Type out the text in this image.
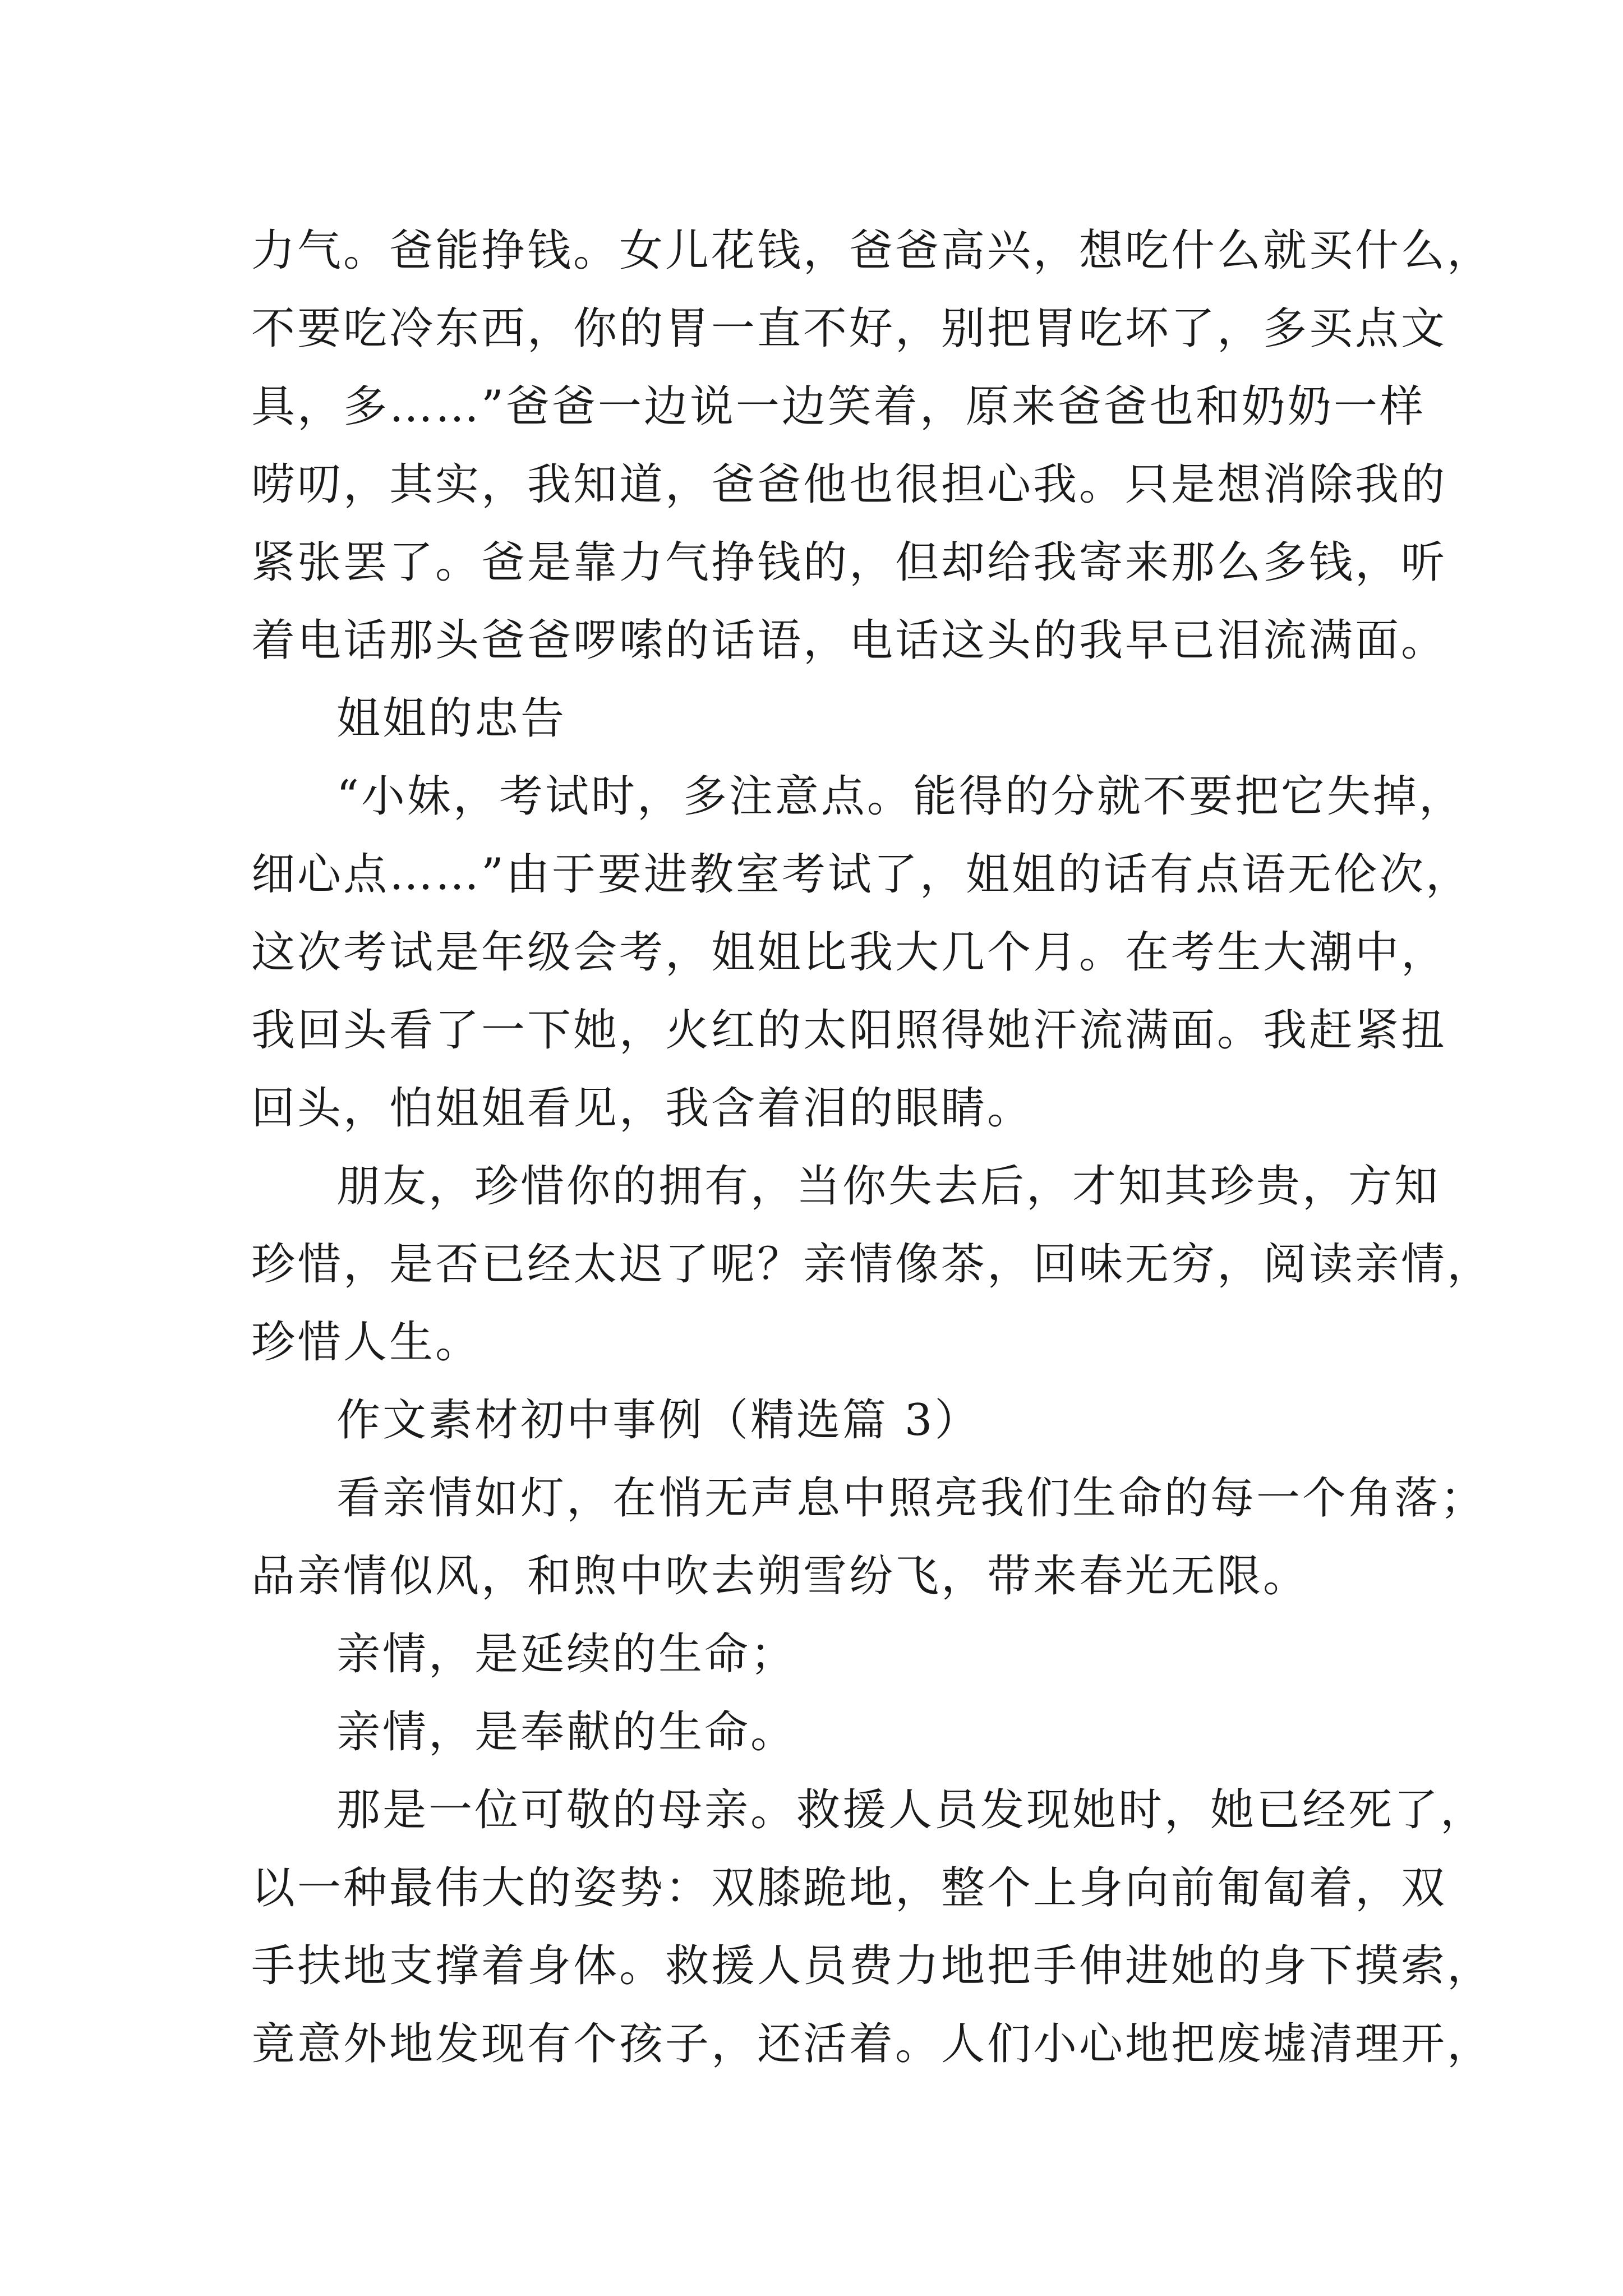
力气。爸能挣钱。女儿花钱，爸爸高兴，想吃什么就买什么，
不要吃冷东西，你的胃一直不好，别把胃吃坏了，多买点文
具，多……”爸爸一边说一边笑着，原来爸爸也和奶奶一样
唠叨，其实，我知道，爸爸他也很担心我。只是想消除我的
紧张罢了。爸是靠力气挣钱的，但却给我寄来那么多钱，听
着电话那头爸爸啰嗦的话语，电话这头的我早已泪流满面。
姐姐的忠告
“小妹，考试时，多注意点。能得的分就不要把它失掉，
细心点……”由于要进教室考试了，姐姐的话有点语无伦次，
这次考试是年级会考，姐姐比我大几个月。在考生大潮中，
我回头看了一下她，火红的太阳照得她汗流满面。我赶紧扭
回头，怕姐姐看见，我含着泪的眼睛。
朋友，珍惜你的拥有，当你失去后，才知其珍贵，方知
珍惜，是否已经太迟了呢？亲情像茶，回味无穷，阅读亲情，
珍惜人生。
作文素材初中事例（精选篇 3）
看亲情如灯，在悄无声息中照亮我们生命的每一个角落；
品亲情似风，和煦中吹去朔雪纷飞，带来春光无限。
亲情，是延续的生命；
亲情，是奉献的生命。
那是一位可敬的母亲。救援人员发现她时，她已经死了，
以一种最伟大的姿势：双膝跪地，整个上身向前匍匐着，双
手扶地支撑着身体。救援人员费力地把手伸进她的身下摸索，
竟意外地发现有个孩子，还活着。人们小心地把废墟清理开，
